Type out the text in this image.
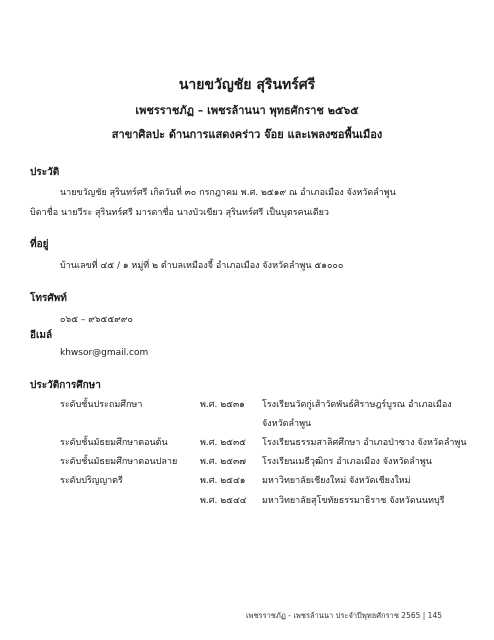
นายขวัญชัย สุรินทร์ศรี
เพชรราชภัฏ – เพชรล้านนา พุทธศักราช ๒๕๖๕
สาขาศิลปะ ด้านการแสดงคร่าว จ๊อย และเพลงซอพื้นเมือง
ประวัติ
นายขวัญชัย สุรินทร์ศรี เกิดวันที่ ๓๐ กรกฎาคม พ.ศ. ๒๕๑๙ ณ อำเภอเมือง จังหวัดลำพูน
บิดาชื่อ นายวีระ สุรินทร์ศรี มารดาชื่อ นางบัวเขียว สุรินทร์ศรี เป็นบุตรคนเดียว
ที่อยู่
บ้านเลขที่ ๔๕ / ๑ หมู่ที่ ๒ ตำบลเหมืองจี้ อำเภอเมือง จังหวัดลำพูน ๕๑๐๐๐
โทรศัพท์
๐๖๕ – ๙๖๕๕๙๙๐
อีเมล์
khwsor@gmail.com
ประวัติการศึกษา
ระดับชั้นประถมศึกษา	พ.ศ. ๒๕๓๑ โรงเรียนวัดกู่เส้าวัดพันธ์ศิราษฎร์บูรณ อำเภอเมือง
จังหวัดลำพูน
ระดับชั้นมัธยมศึกษาตอนต้น	พ.ศ. ๒๕๓๕ โรงเรียนธรรมสาลิศศึกษา อำเภอป่าซาง จังหวัดลำพูน
ระดับชั้นมัธยมศึกษาตอนปลาย	พ.ศ. ๒๕๓๗ โรงเรียนเมธีวุฒิกร อำเภอเมือง จังหวัดลำพูน
ระดับปริญญาตรี	พ.ศ. ๒๕๔๑ มหาวิทยาลัยเชียงใหม่ จังหวัดเชียงใหม่
พ.ศ. ๒๕๔๔ มหาวิทยาลัยสุโขทัยธรรมาธิราช จังหวัดนนทบุรี
เพชรราชภัฏ - เพชรล้านนา ประจำปีพุทธศักราช 2565 | 145
